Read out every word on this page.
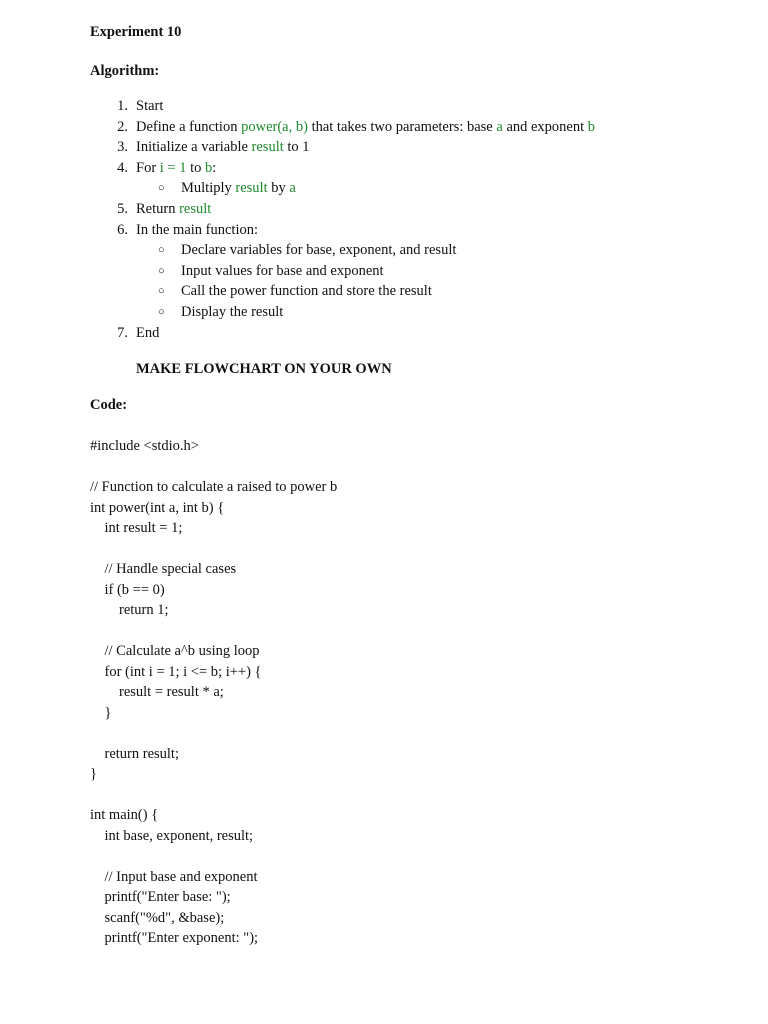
Experiment 10
Algorithm:
1. Start
2. Define a function power(a, b) that takes two parameters: base a and exponent b
3. Initialize a variable result to 1
4. For i = 1 to b:
○ Multiply result by a
5. Return result
6. In the main function:
○ Declare variables for base, exponent, and result
○ Input values for base and exponent
○ Call the power function and store the result
○ Display the result
7. End
MAKE FLOWCHART ON YOUR OWN
Code:
#include <stdio.h>
// Function to calculate a raised to power b
int power(int a, int b) {
int result = 1;
// Handle special cases
if (b == 0)
return 1;
// Calculate a^b using loop
for (int i = 1; i <= b; i++) {
result = result * a;
}
return result;
}
int main() {
int base, exponent, result;
// Input base and exponent
printf("Enter base: ");
scanf("%d", &base);
printf("Enter exponent: ");
